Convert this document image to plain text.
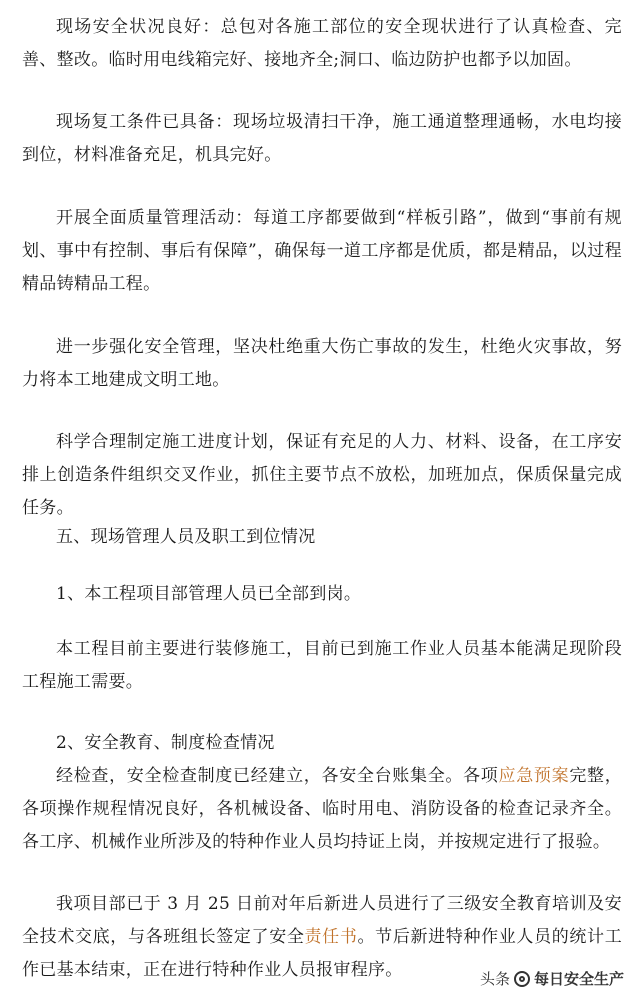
现场安全状况良好：总包对各施工部位的安全现状进行了认真检查、完善、整改。临时用电线箱完好、接地齐全;洞口、临边防护也都予以加固。

现场复工条件已具备：现场垃圾清扫干净，施工通道整理通畅，水电均接到位，材料准备充足，机具完好。

开展全面质量管理活动：每道工序都要做到“样板引路”，做到“事前有规划、事中有控制、事后有保障”，确保每一道工序都是优质，都是精品，以过程精品铸精品工程。

进一步强化安全管理，坚决杜绝重大伤亡事故的发生，杜绝火灾事故，努力将本工地建成文明工地。

科学合理制定施工进度计划，保证有充足的人力、材料、设备，在工序安排上创造条件组织交叉作业，抓住主要节点不放松，加班加点，保质保量完成任务。

五、现场管理人员及职工到位情况

1、本工程项目部管理人员已全部到岗。

本工程目前主要进行装修施工，目前已到施工作业人员基本能满足现阶段工程施工需要。

2、安全教育、制度检查情况

经检查，安全检查制度已经建立，各安全台账集全。各项应急预案完整，各项操作规程情况良好，各机械设备、临时用电、消防设备的检查记录齐全。各工序、机械作业所涉及的特种作业人员均持证上岗，并按规定进行了报验。

我项目部已于 3 月 25 日前对年后新进人员进行了三级安全教育培训及安全技术交底，与各班组长签定了安全责任书。节后新进特种作业人员的统计工作已基本结束，正在进行特种作业人员报审程序。	头条 每日安全生产
